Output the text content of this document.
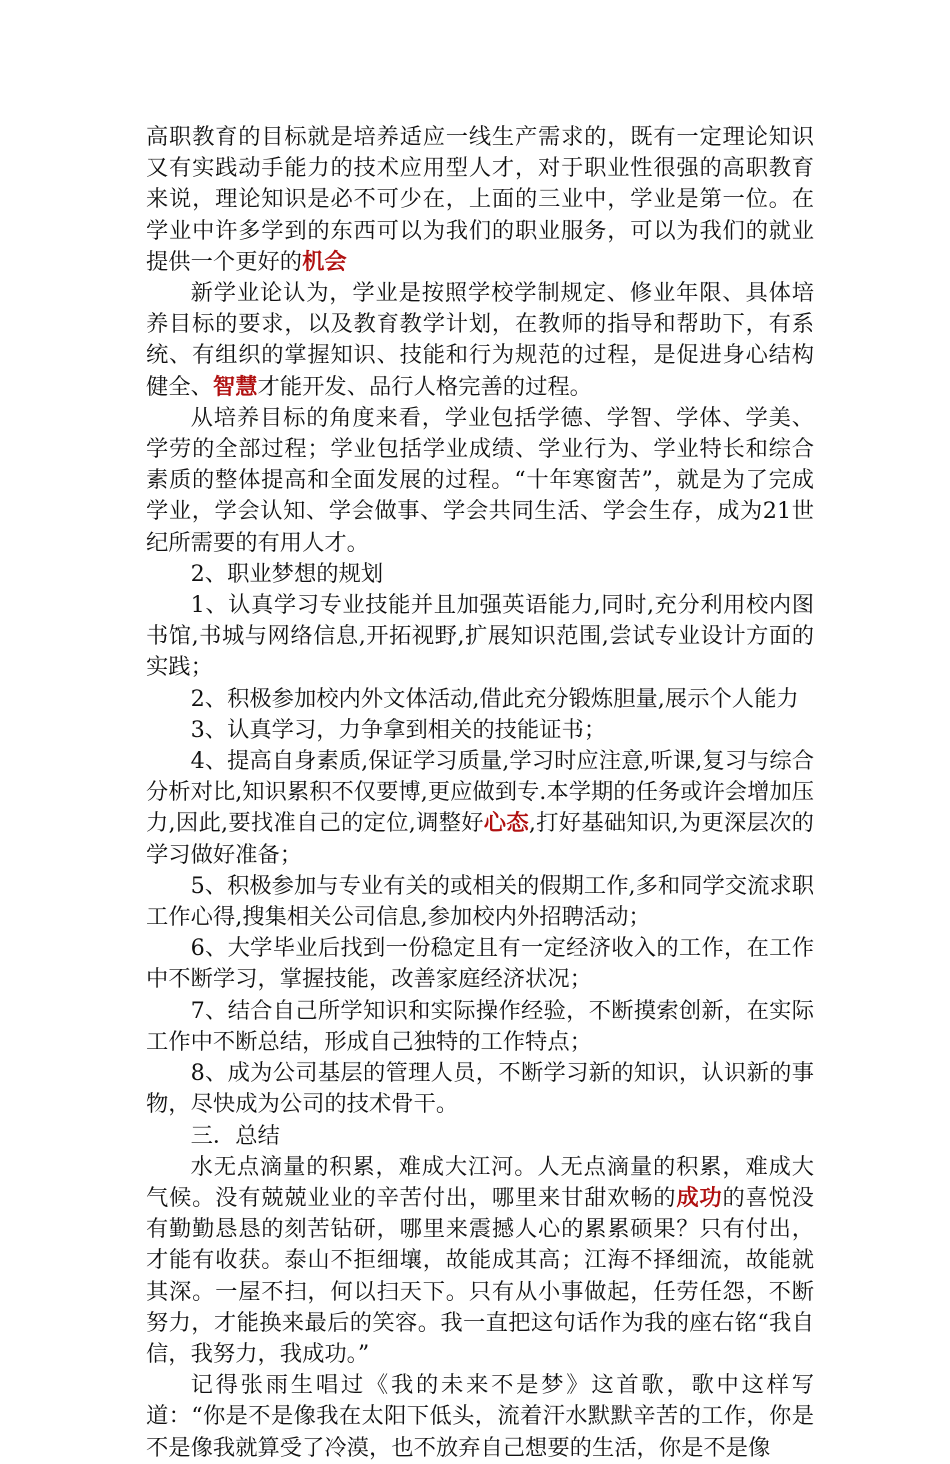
高职教育的目标就是培养适应一线生产需求的，既有一定理论知识又有实践动手能力的技术应用型人才，对于职业性很强的高职教育来说，理论知识是必不可少在，上面的三业中，学业是第一位。在学业中许多学到的东西可以为我们的职业服务，可以为我们的就业提供一个更好的机会

新学业论认为，学业是按照学校学制规定、修业年限、具体培养目标的要求，以及教育教学计划，在教师的指导和帮助下，有系统、有组织的掌握知识、技能和行为规范的过程，是促进身心结构健全、智慧才能开发、品行人格完善的过程。

从培养目标的角度来看，学业包括学德、学智、学体、学美、学劳的全部过程；学业包括学业成绩、学业行为、学业特长和综合素质的整体提高和全面发展的过程。“十年寒窗苦”，就是为了完成学业，学会认知、学会做事、学会共同生活、学会生存，成为21世纪所需要的有用人才。

2、职业梦想的规划

1、认真学习专业技能并且加强英语能力,同时,充分利用校内图书馆,书城与网络信息,开拓视野,扩展知识范围,尝试专业设计方面的实践；

2、积极参加校内外文体活动,借此充分锻炼胆量,展示个人能力

3、认真学习，力争拿到相关的技能证书；

4、提高自身素质,保证学习质量,学习时应注意,听课,复习与综合分析对比,知识累积不仅要博,更应做到专.本学期的任务或许会增加压力,因此,要找准自己的定位,调整好心态,打好基础知识,为更深层次的学习做好准备；

5、积极参加与专业有关的或相关的假期工作,多和同学交流求职工作心得,搜集相关公司信息,参加校内外招聘活动；

6、大学毕业后找到一份稳定且有一定经济收入的工作，在工作中不断学习，掌握技能，改善家庭经济状况；

7、结合自己所学知识和实际操作经验，不断摸索创新，在实际工作中不断总结，形成自己独特的工作特点；

8、成为公司基层的管理人员，不断学习新的知识，认识新的事物，尽快成为公司的技术骨干。

三．总结

水无点滴量的积累，难成大江河。人无点滴量的积累，难成大气候。没有兢兢业业的辛苦付出，哪里来甘甜欢畅的成功的喜悦没有勤勤恳恳的刻苦钻研，哪里来震撼人心的累累硕果？只有付出，才能有收获。泰山不拒细壤，故能成其高；江海不择细流，故能就其深。一屋不扫，何以扫天下。只有从小事做起，任劳任怨，不断努力，才能换来最后的笑容。我一直把这句话作为我的座右铭“我自信，我努力，我成功。”

记得张雨生唱过《我的未来不是梦》这首歌，歌中这样写道：“你是不是像我在太阳下低头，流着汗水默默辛苦的工作，你是不是像我就算受了冷漠，也不放弃自己想要的生活，你是不是像
